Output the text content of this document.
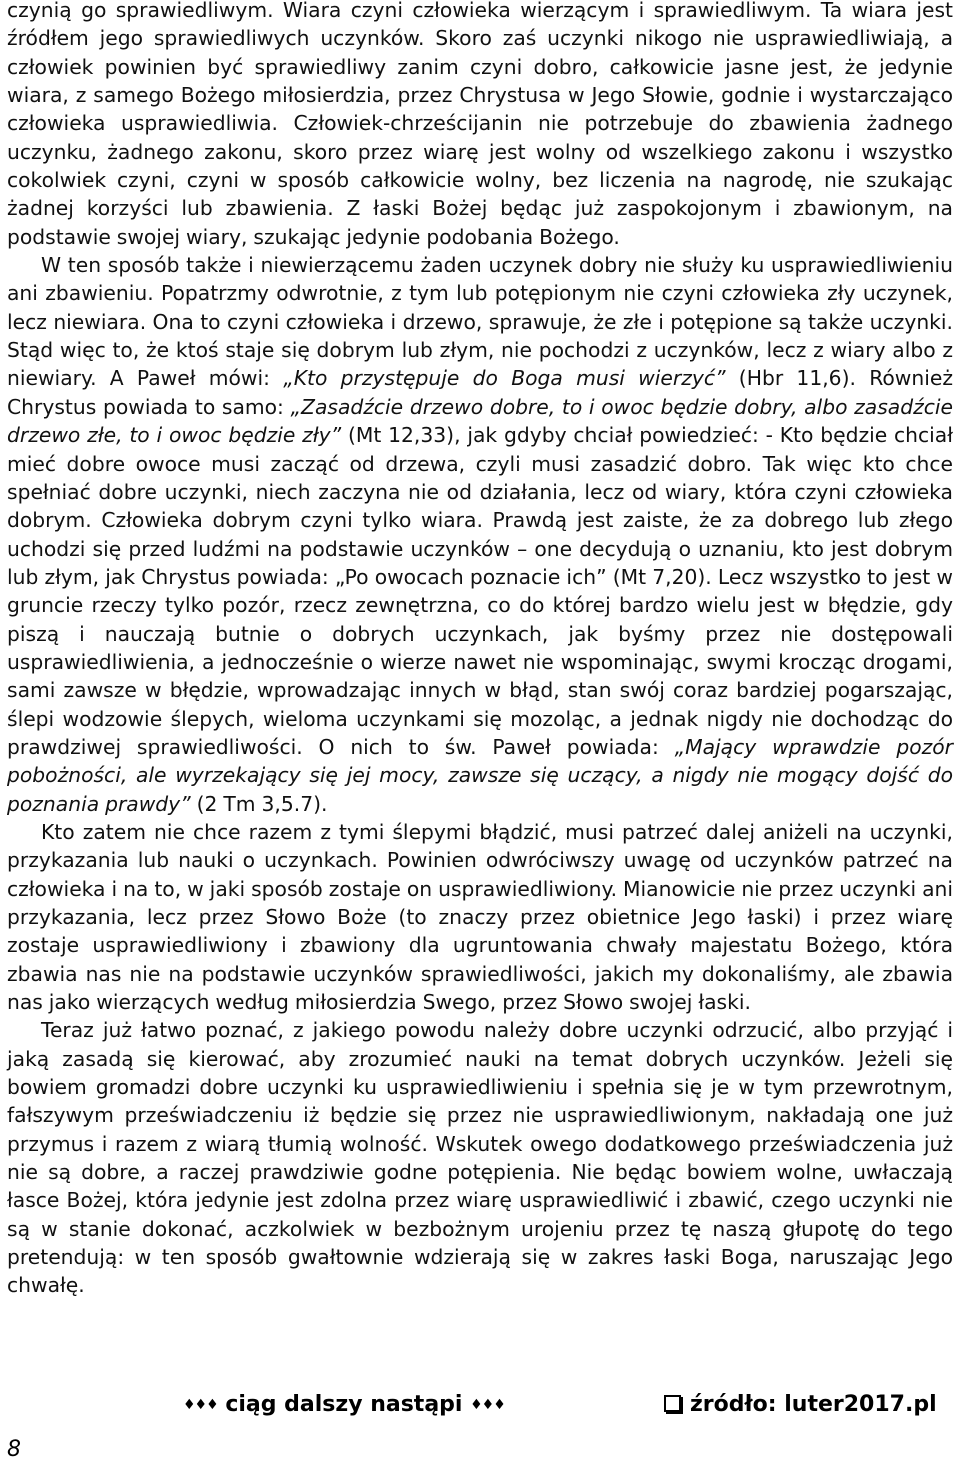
czynią go sprawiedliwym. Wiara czyni człowieka wierzącym i sprawiedliwym. Ta wiara jest źródłem jego sprawiedliwych uczynków. Skoro zaś uczynki nikogo nie usprawiedliwiają, a człowiek powinien być sprawiedliwy zanim czyni dobro, całkowicie jasne jest, że jedynie wiara, z samego Bożego miłosierdzia, przez Chrystusa w Jego Słowie, godnie i wystarczająco człowieka usprawiedliwia. Człowiek-chrześcijanin nie potrzebuje do zbawienia żadnego uczynku, żadnego zakonu, skoro przez wiarę jest wolny od wszelkiego zakonu i wszystko cokolwiek czyni, czyni w sposób całkowicie wolny, bez liczenia na nagrodę, nie szukając żadnej korzyści lub zbawienia. Z łaski Bożej będąc już zaspokojonym i zbawionym, na podstawie swojej wiary, szukając jedynie podobania Bożego.

W ten sposób także i niewierzącemu żaden uczynek dobry nie służy ku usprawiedliwieniu ani zbawieniu. Popatrzmy odwrotnie, z tym lub potępionym nie czyni człowieka zły uczynek, lecz niewiara. Ona to czyni człowieka i drzewo, sprawuje, że złe i potępione są także uczynki. Stąd więc to, że ktoś staje się dobrym lub złym, nie pochodzi z uczynków, lecz z wiary albo z niewiary. A Paweł mówi: „Kto przystępuje do Boga musi wierzyć” (Hbr 11,6). Również Chrystus powiada to samo: „Zasadźcie drzewo dobre, to i owoc będzie dobry, albo zasadźcie drzewo złe, to i owoc będzie zły” (Mt 12,33), jak gdyby chciał powiedzieć: - Kto będzie chciał mieć dobre owoce musi zacząć od drzewa, czyli musi zasadzić dobro. Tak więc kto chce spełniać dobre uczynki, niech zaczyna nie od działania, lecz od wiary, która czyni człowieka dobrym. Człowieka dobrym czyni tylko wiara. Prawdą jest zaiste, że za dobrego lub złego uchodzi się przed ludźmi na podstawie uczynków – one decydują o uznaniu, kto jest dobrym lub złym, jak Chrystus powiada: „Po owocach poznacie ich” (Mt 7,20). Lecz wszystko to jest w gruncie rzeczy tylko pozór, rzecz zewnętrzna, co do której bardzo wielu jest w błędzie, gdy piszą i nauczają butnie o dobrych uczynkach, jak byśmy przez nie dostępowali usprawiedliwienia, a jednocześnie o wierze nawet nie wspominając, swymi krocząc drogami, sami zawsze w błędzie, wprowadzając innych w błąd, stan swój coraz bardziej pogarszając, ślepi wodzowie ślepych, wieloma uczynkami się mozoląc, a jednak nigdy nie dochodząc do prawdziwej sprawiedliwości. O nich to św. Paweł powiada: „Mający wprawdzie pozór pobożności, ale wyrzekający się jej mocy, zawsze się uczący, a nigdy nie mogący dojść do poznania prawdy” (2 Tm 3,5.7).

Kto zatem nie chce razem z tymi ślepymi błądzić, musi patrzeć dalej aniżeli na uczynki, przykazania lub nauki o uczynkach. Powinien odwróciwszy uwagę od uczynków patrzeć na człowieka i na to, w jaki sposób zostaje on usprawiedliwiony. Mianowicie nie przez uczynki ani przykazania, lecz przez Słowo Boże (to znaczy przez obietnice Jego łaski) i przez wiarę zostaje usprawiedliwiony i zbawiony dla ugruntowania chwały majestatu Bożego, która zbawia nas nie na podstawie uczynków sprawiedliwości, jakich my dokonaliśmy, ale zbawia nas jako wierzących według miłosierdzia Swego, przez Słowo swojej łaski.

Teraz już łatwo poznać, z jakiego powodu należy dobre uczynki odrzucić, albo przyjąć i jaką zasadą się kierować, aby zrozumieć nauki na temat dobrych uczynków. Jeżeli się bowiem gromadzi dobre uczynki ku usprawiedliwieniu i spełnia się je w tym przewrotnym, fałszywym przeświadczeniu iż będzie się przez nie usprawiedliwionym, nakładają one już przymus i razem z wiarą tłumią wolność. Wskutek owego dodatkowego przeświadczenia już nie są dobre, a raczej prawdziwie godne potępienia. Nie będąc bowiem wolne, uwłaczają łasce Bożej, która jedynie jest zdolna przez wiarę usprawiedliwić i zbawić, czego uczynki nie są w stanie dokonać, aczkolwiek w bezbożnym urojeniu przez tę naszą głupotę do tego pretendują: w ten sposób gwałtownie wdzierają się w zakres łaski Boga, naruszając Jego chwałę.

♦♦♦ ciąg dalszy nastąpi ♦♦♦	źródło: luter2017.pl
8
